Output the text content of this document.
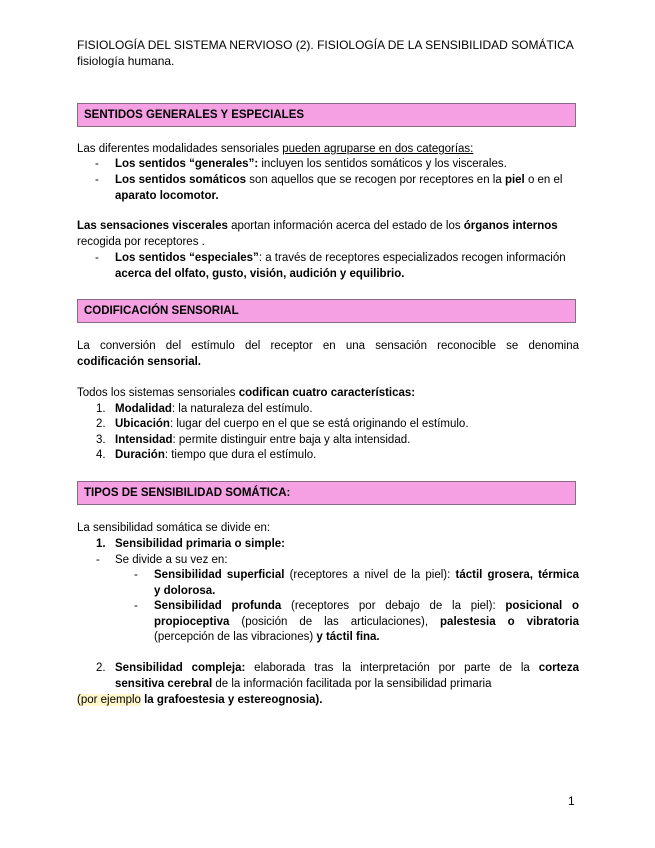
FISIOLOGÍA DEL SISTEMA NERVIOSO (2). FISIOLOGÍA DE LA SENSIBILIDAD SOMÁTICA
fisiología humana.
SENTIDOS GENERALES Y ESPECIALES
Las diferentes modalidades sensoriales pueden agruparse en dos categorías:
- Los sentidos “generales”: incluyen los sentidos somáticos y los viscerales.
- Los sentidos somáticos son aquellos que se recogen por receptores en la piel o en el
aparato locomotor.
Las sensaciones viscerales aportan información acerca del estado de los órganos internos
recogida por receptores .
- Los sentidos “especiales”: a través de receptores especializados recogen información
acerca del olfato, gusto, visión, audición y equilibrio.
CODIFICACIÓN SENSORIAL
La conversión del estímulo del receptor en una sensación reconocible se denomina
codificación sensorial.
Todos los sistemas sensoriales codifican cuatro características:
1. Modalidad: la naturaleza del estímulo.
2. Ubicación: lugar del cuerpo en el que se está originando el estímulo.
3. Intensidad: permite distinguir entre baja y alta intensidad.
4. Duración: tiempo que dura el estímulo.
TIPOS DE SENSIBILIDAD SOMÁTICA:
La sensibilidad somática se divide en:
1. Sensibilidad primaria o simple:
- Se divide a su vez en:
- Sensibilidad superficial (receptores a nivel de la piel): táctil grosera, térmica
y dolorosa.
- Sensibilidad profunda (receptores por debajo de la piel): posicional o
propioceptiva (posición de las articulaciones), palestesia o vibratoria
(percepción de las vibraciones) y táctil fina.
2. Sensibilidad compleja: elaborada tras la interpretación por parte de la corteza
sensitiva cerebral de la información facilitada por la sensibilidad primaria
(por ejemplo la grafoestesia y estereognosia).
1
